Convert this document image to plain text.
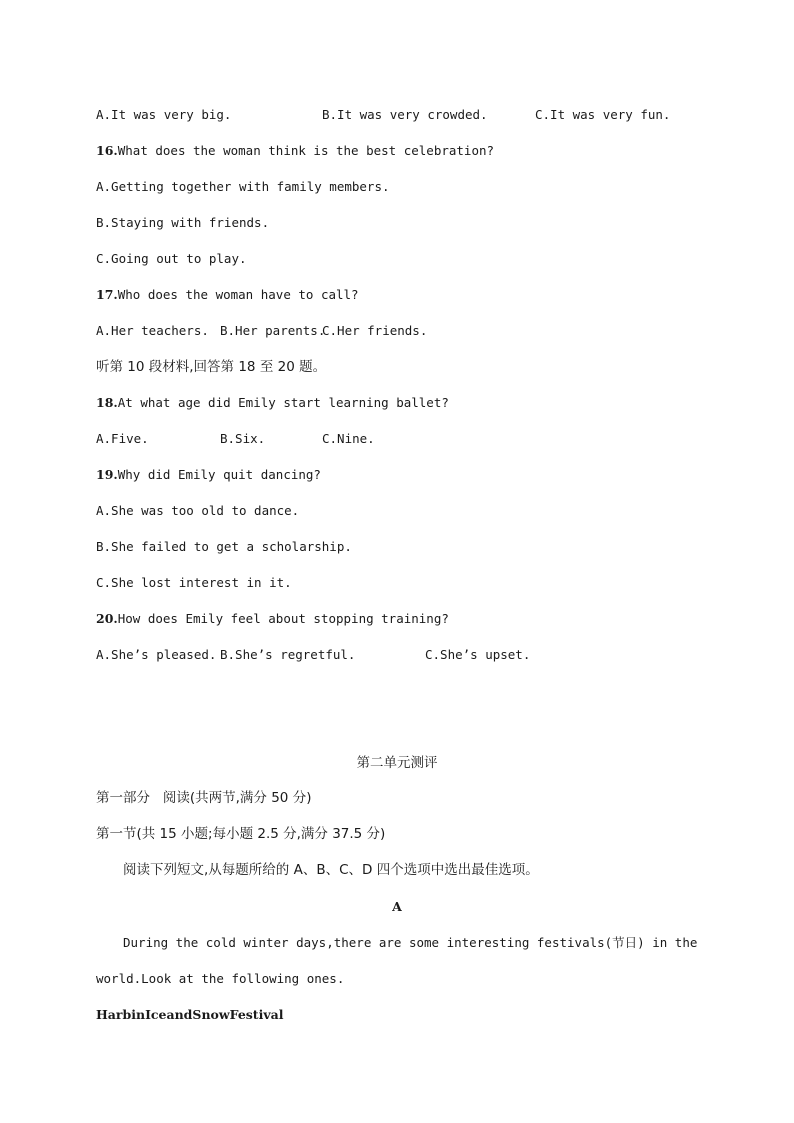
A.It was very big.	B.It was very crowded.	C.It was very fun.
16.What does the woman think is the best celebration?
A.Getting together with family members.
B.Staying with friends.
C.Going out to play.
17.Who does the woman have to call?
A.Her teachers. B.Her parents.
C.Her friends.
听第 10 段材料,回答第 18 至 20 题。
18.At what age did Emily start learning ballet?
A.Five.	B.Six.	C.Nine.
19.Why did Emily quit dancing?
A.She was too old to dance.
B.She failed to get a scholarship.
C.She lost interest in it.
20.How does Emily feel about stopping training?
A.She’s pleased. B.She’s regretful.	C.She’s upset.
第二单元测评
第一部分   阅读(共两节,满分 50 分)
第一节(共 15 小题;每小题 2.5 分,满分 37.5 分)
阅读下列短文,从每题所给的 A、B、C、D 四个选项中选出最佳选项。
A
During the cold winter days,there are some interesting festivals(节日) in the
world.Look at the following ones.
HarbinIceandSnowFestival
